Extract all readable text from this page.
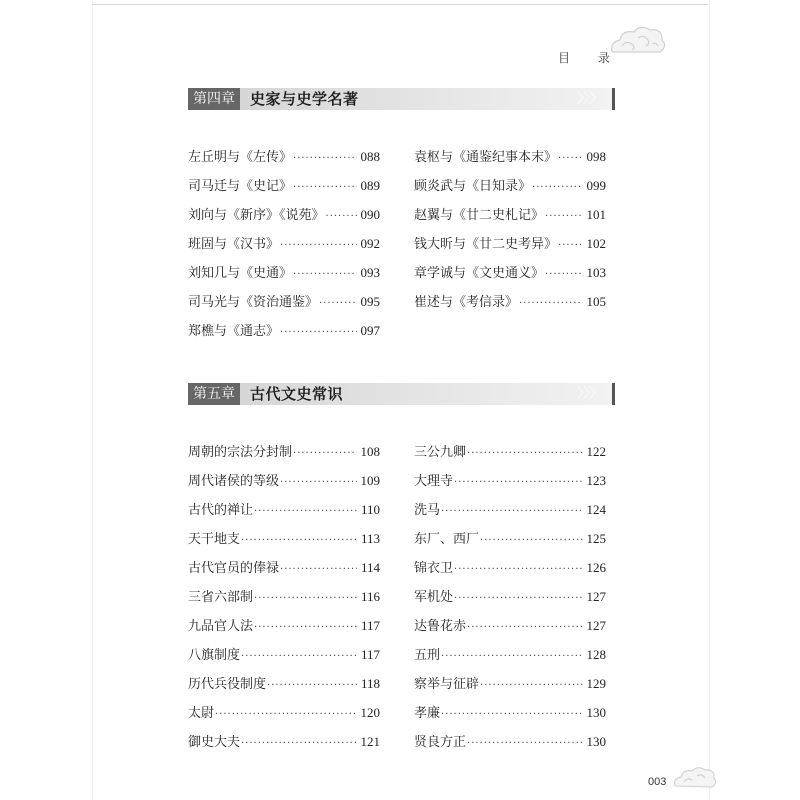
目 录
第四章	史家与史学名著	〉〉〉
左丘明与《左传》 ·····	088
司马迁与《史记》 ·····	089
刘向与《新序》《说苑》 ·····	090
班固与《汉书》 ·····	092
刘知几与《史通》 ·····	093
司马光与《资治通鉴》 ·····	095
郑樵与《通志》 ·····	097
袁枢与《通鉴纪事本末》 ····· 098
顾炎武与《日知录》 ·····	099
赵翼与《廿二史札记》 ·····	101
钱大昕与《廿二史考异》 ····· 102
章学诚与《文史通义》 ·····	103
崔述与《考信录》 ·····	105
第五章	古代文史常识	〉〉〉
周朝的宗法分封制 ·····	108
周代诸侯的等级 ·····	109
古代的禅让 ·····	110
天干地支 ·····	113
古代官员的俸禄 ·····	114
三省六部制 ·····	116
九品官人法 ·····	117
八旗制度 ·····	117
历代兵役制度 ·····	118
太尉 ·····	120
御史大夫 ·····	121
三公九卿 ·····	122
大理寺 ·····	123
洗马 ·····	124
东厂、西厂 ·····	125
锦衣卫 ·····	126
军机处 ·····	127
达鲁花赤 ·····	127
五刑 ·····	128
察举与征辟 ·····	129
孝廉 ·····	130
贤良方正 ·····	130
003
